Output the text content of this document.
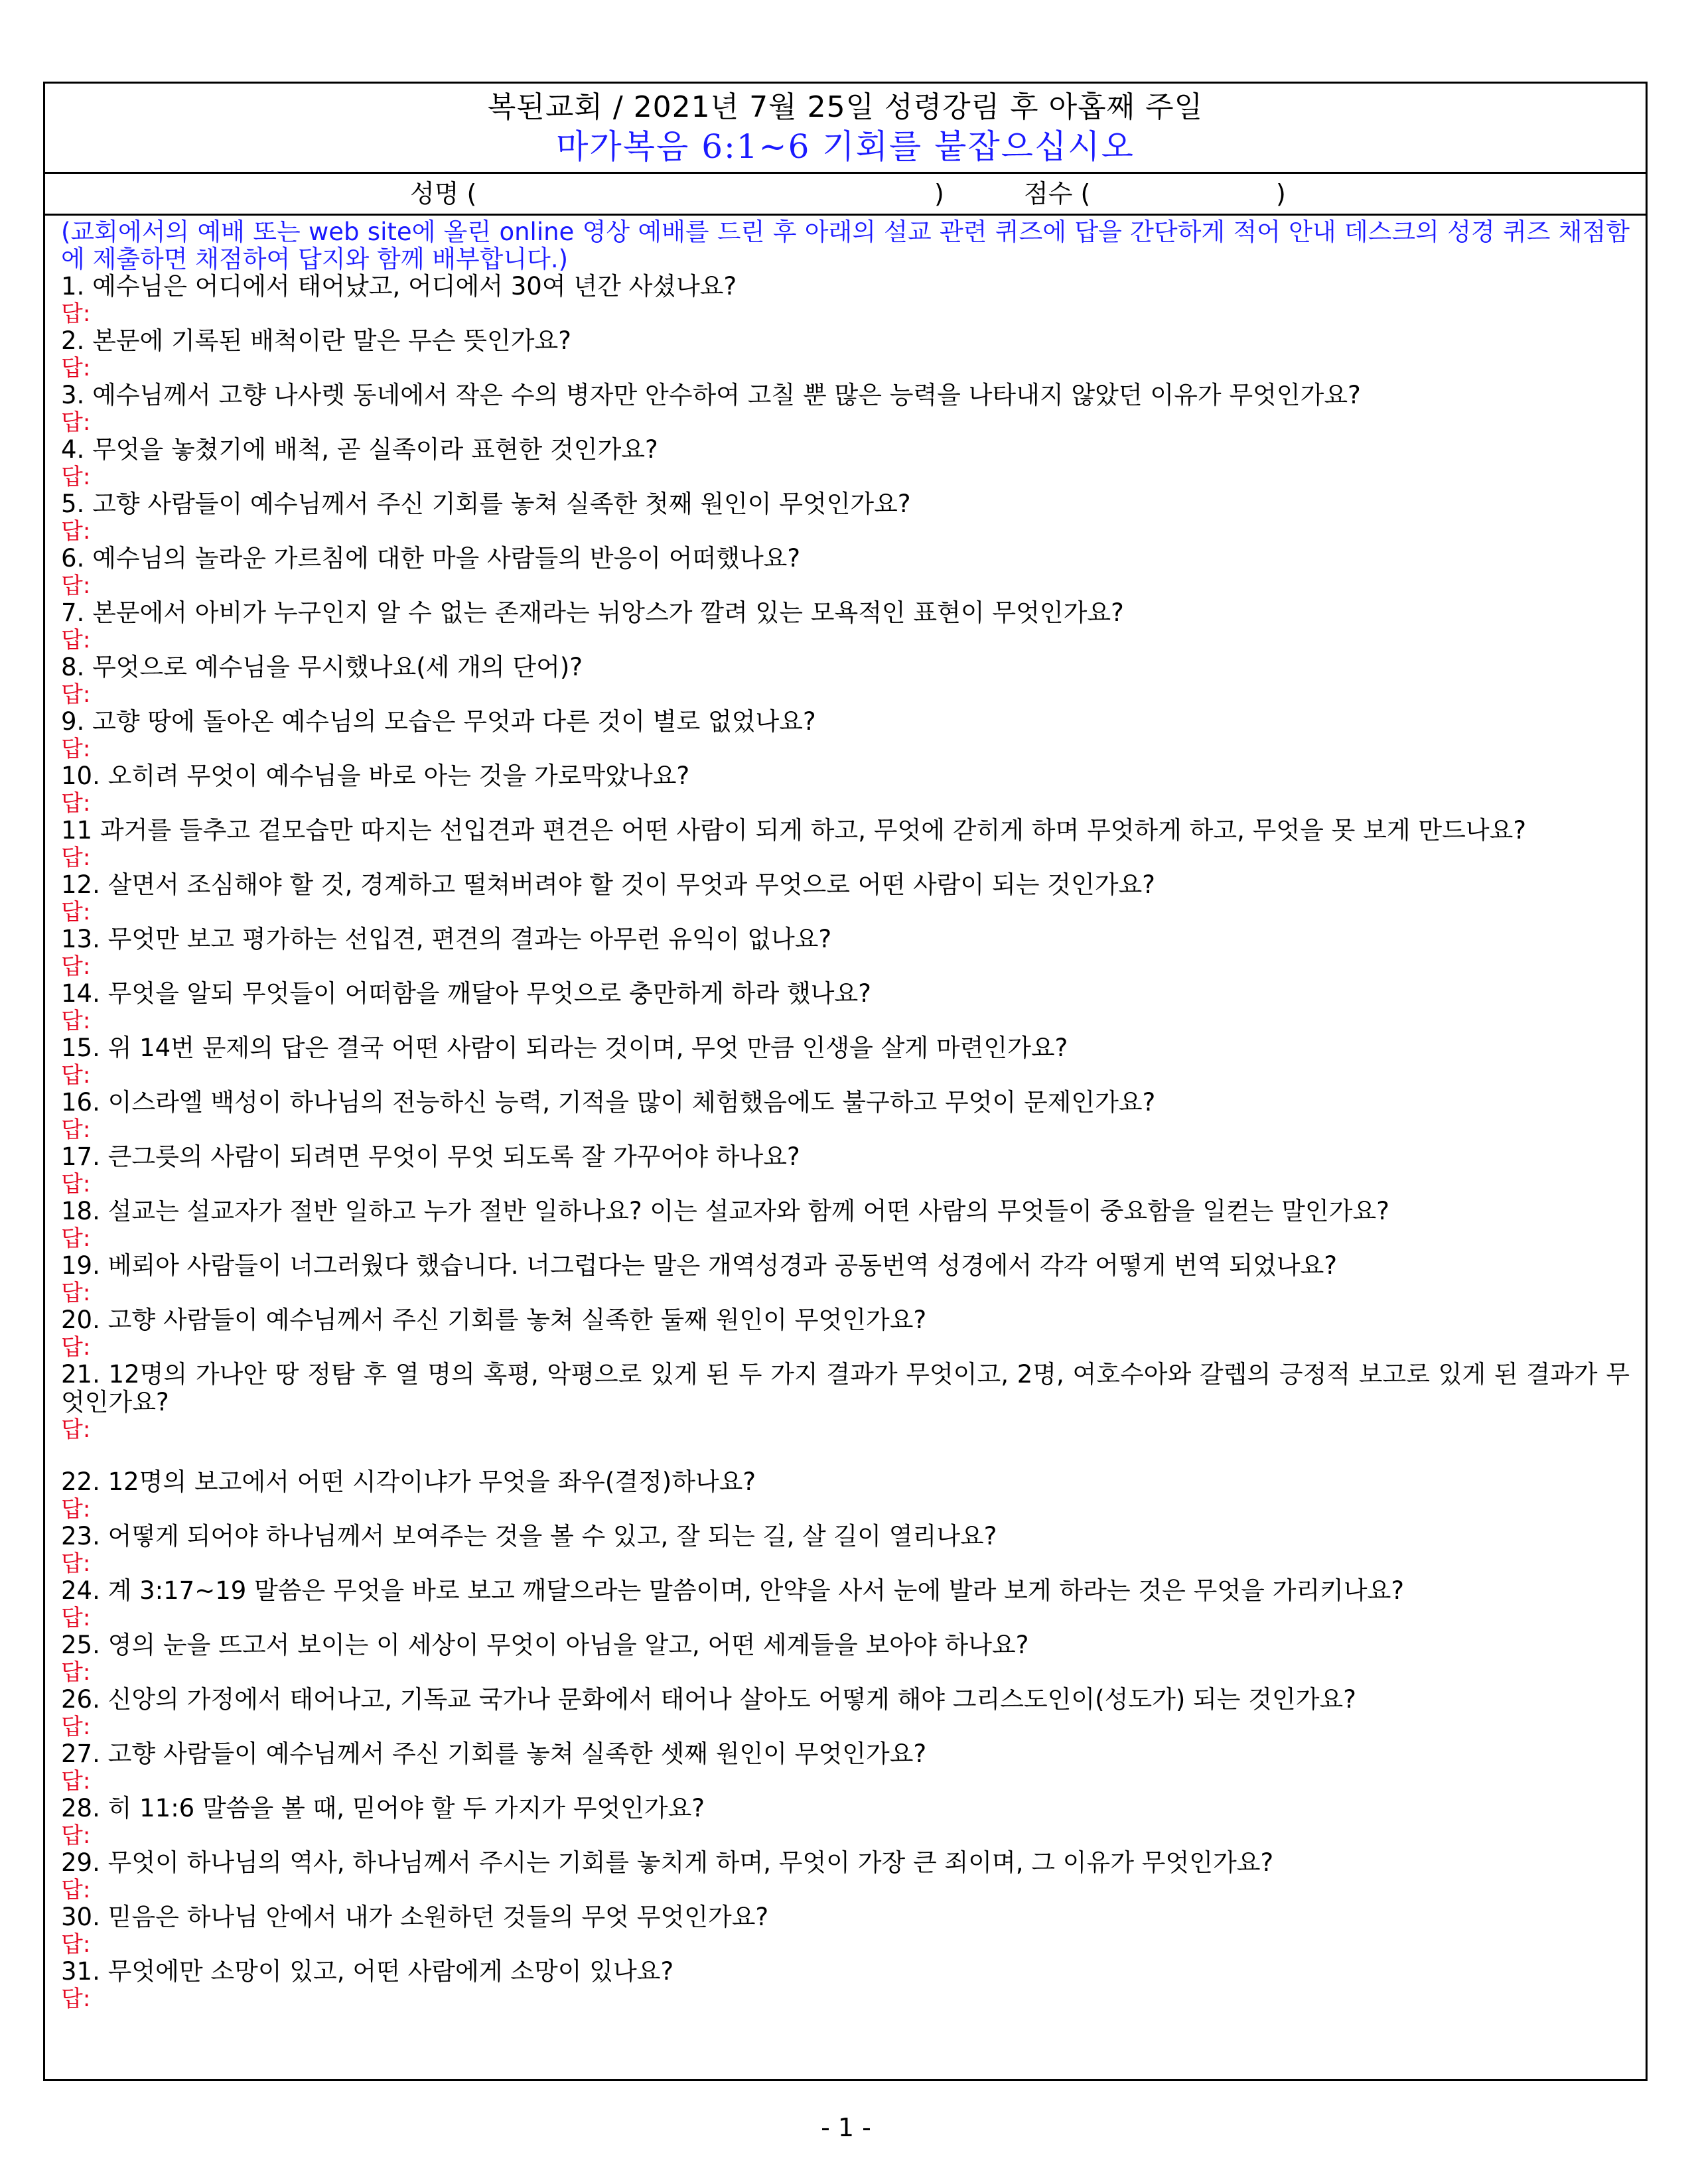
복된교회 / 2021년 7월 25일 성령강림 후 아홉째 주일
마가복음 6:1~6 기회를 붙잡으십시오
성명 (	)	점수 (	)
(교회에서의 예배 또는 web site에 올린 online 영상 예배를 드린 후 아래의 설교 관련 퀴즈에 답을 간단하게 적어 안내 데스크의 성경 퀴즈 채점함에 제출하면 채점하여 답지와 함께 배부합니다.)
1. 예수님은 어디에서 태어났고, 어디에서 30여 년간 사셨나요?
답:
2. 본문에 기록된 배척이란 말은 무슨 뜻인가요?
답:
3. 예수님께서 고향 나사렛 동네에서 작은 수의 병자만 안수하여 고칠 뿐 많은 능력을 나타내지 않았던 이유가 무엇인가요?
답:
4. 무엇을 놓쳤기에 배척, 곧 실족이라 표현한 것인가요?
답:
5. 고향 사람들이 예수님께서 주신 기회를 놓쳐 실족한 첫째 원인이 무엇인가요?
답:
6. 예수님의 놀라운 가르침에 대한 마을 사람들의 반응이 어떠했나요?
답:
7. 본문에서 아비가 누구인지 알 수 없는 존재라는 뉘앙스가 깔려 있는 모욕적인 표현이 무엇인가요?
답:
8. 무엇으로 예수님을 무시했나요(세 개의 단어)?
답:
9. 고향 땅에 돌아온 예수님의 모습은 무엇과 다른 것이 별로 없었나요?
답:
10. 오히려 무엇이 예수님을 바로 아는 것을 가로막았나요?
답:
11 과거를 들추고 겉모습만 따지는 선입견과 편견은 어떤 사람이 되게 하고, 무엇에 갇히게 하며 무엇하게 하고, 무엇을 못 보게 만드나요?
답:
12. 살면서 조심해야 할 것, 경계하고 떨쳐버려야 할 것이 무엇과 무엇으로 어떤 사람이 되는 것인가요?
답:
13. 무엇만 보고 평가하는 선입견, 편견의 결과는 아무런 유익이 없나요?
답:
14. 무엇을 알되 무엇들이 어떠함을 깨달아 무엇으로 충만하게 하라 했나요?
답:
15. 위 14번 문제의 답은 결국 어떤 사람이 되라는 것이며, 무엇 만큼 인생을 살게 마련인가요?
답:
16. 이스라엘 백성이 하나님의 전능하신 능력, 기적을 많이 체험했음에도 불구하고 무엇이 문제인가요?
답:
17. 큰그릇의 사람이 되려면 무엇이 무엇 되도록 잘 가꾸어야 하나요?
답:
18. 설교는 설교자가 절반 일하고 누가 절반 일하나요? 이는 설교자와 함께 어떤 사람의 무엇들이 중요함을 일컫는 말인가요?
답:
19. 베뢰아 사람들이 너그러웠다 했습니다. 너그럽다는 말은 개역성경과 공동번역 성경에서 각각 어떻게 번역 되었나요?
답:
20. 고향 사람들이 예수님께서 주신 기회를 놓쳐 실족한 둘째 원인이 무엇인가요?
답:
21. 12명의 가나안 땅 정탐 후 열 명의 혹평, 악평으로 있게 된 두 가지 결과가 무엇이고, 2명, 여호수아와 갈렙의 긍정적 보고로 있게 된 결과가 무엇인가요?
답:
22. 12명의 보고에서 어떤 시각이냐가 무엇을 좌우(결정)하나요?
답:
23. 어떻게 되어야 하나님께서 보여주는 것을 볼 수 있고, 잘 되는 길, 살 길이 열리나요?
답:
24. 계 3:17~19 말씀은 무엇을 바로 보고 깨달으라는 말씀이며, 안약을 사서 눈에 발라 보게 하라는 것은 무엇을 가리키나요?
답:
25. 영의 눈을 뜨고서 보이는 이 세상이 무엇이 아님을 알고, 어떤 세계들을 보아야 하나요?
답:
26. 신앙의 가정에서 태어나고, 기독교 국가나 문화에서 태어나 살아도 어떻게 해야 그리스도인이(성도가) 되는 것인가요?
답:
27. 고향 사람들이 예수님께서 주신 기회를 놓쳐 실족한 셋째 원인이 무엇인가요?
답:
28. 히 11:6 말씀을 볼 때, 믿어야 할 두 가지가 무엇인가요?
답:
29. 무엇이 하나님의 역사, 하나님께서 주시는 기회를 놓치게 하며, 무엇이 가장 큰 죄이며, 그 이유가 무엇인가요?
답:
30. 믿음은 하나님 안에서 내가 소원하던 것들의 무엇 무엇인가요?
답:
31. 무엇에만 소망이 있고, 어떤 사람에게 소망이 있나요?
답:
- 1 -
